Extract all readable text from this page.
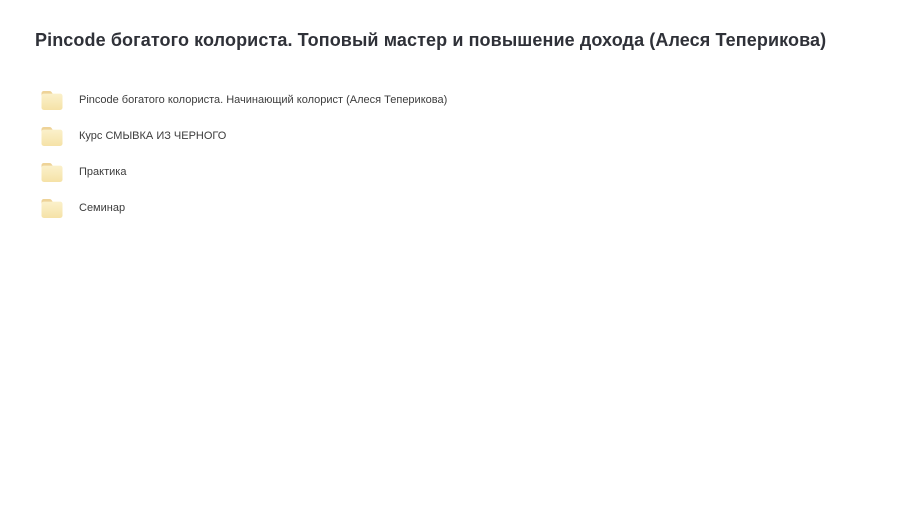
Pincode богатого колориста. Топовый мастер и повышение дохода (Алеся Теперикова)
Pincode богатого колориста. Начинающий колорист (Алеся Теперикова)
Курс СМЫВКА ИЗ ЧЕРНОГО
Практика
Семинар
